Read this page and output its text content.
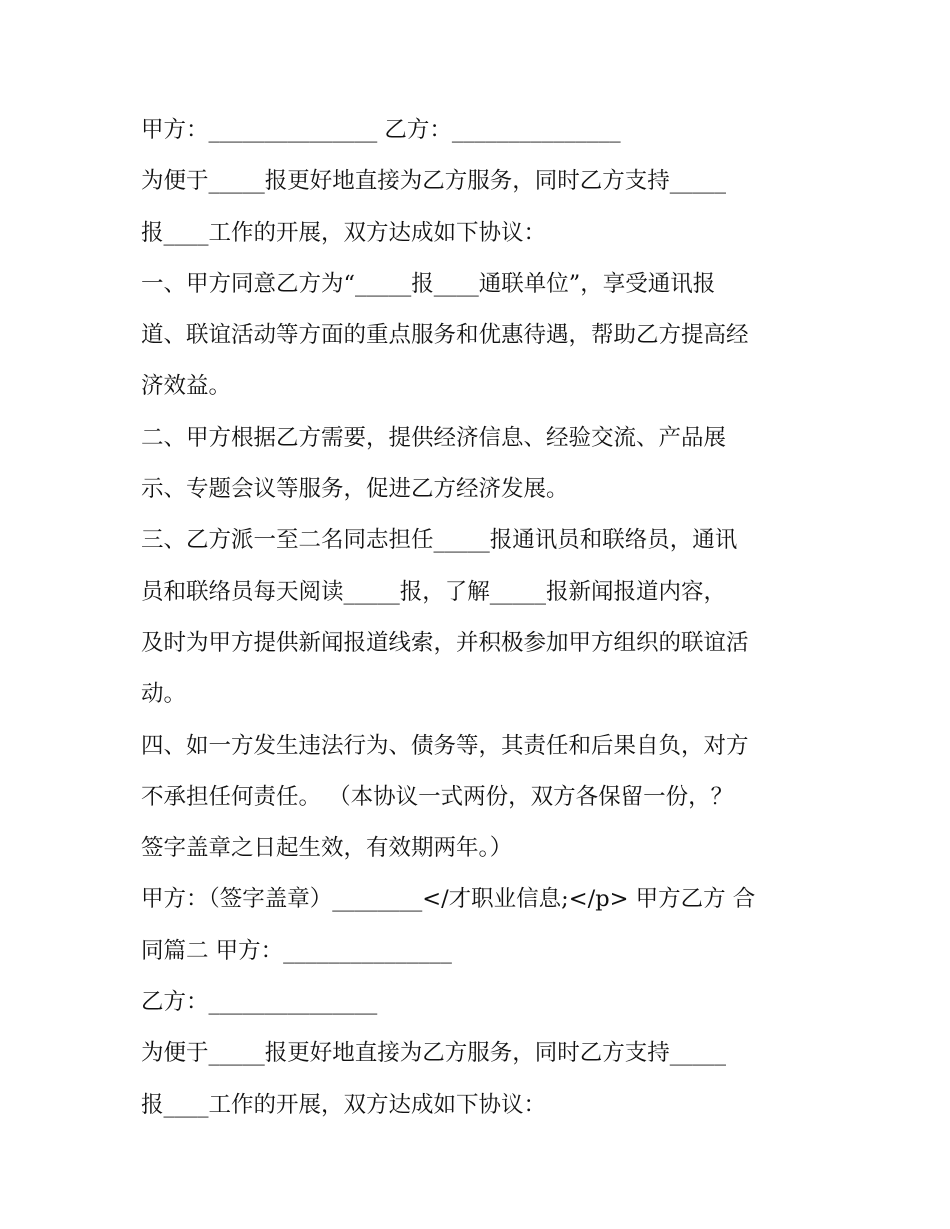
甲方：_______________ 乙方：_______________
为便于_____报更好地直接为乙方服务，同时乙方支持_____
报____工作的开展，双方达成如下协议：
一、甲方同意乙方为“_____报____通联单位”，享受通讯报
道、联谊活动等方面的重点服务和优惠待遇，帮助乙方提高经
济效益。
二、甲方根据乙方需要，提供经济信息、经验交流、产品展
示、专题会议等服务，促进乙方经济发展。
三、乙方派一至二名同志担任_____报通讯员和联络员，通讯
员和联络员每天阅读_____报，了解_____报新闻报道内容，
及时为甲方提供新闻报道线索，并积极参加甲方组织的联谊活
动。
四、如一方发生违法行为、债务等，其责任和后果自负，对方
不承担任何责任。 （本协议一式两份，双方各保留一份，？
签字盖章之日起生效，有效期两年。）
甲方：（签字盖章）________</才职业信息;</p> 甲方乙方 合
同篇二 甲方：_______________
乙方：_______________
为便于_____报更好地直接为乙方服务，同时乙方支持_____
报____工作的开展，双方达成如下协议：
